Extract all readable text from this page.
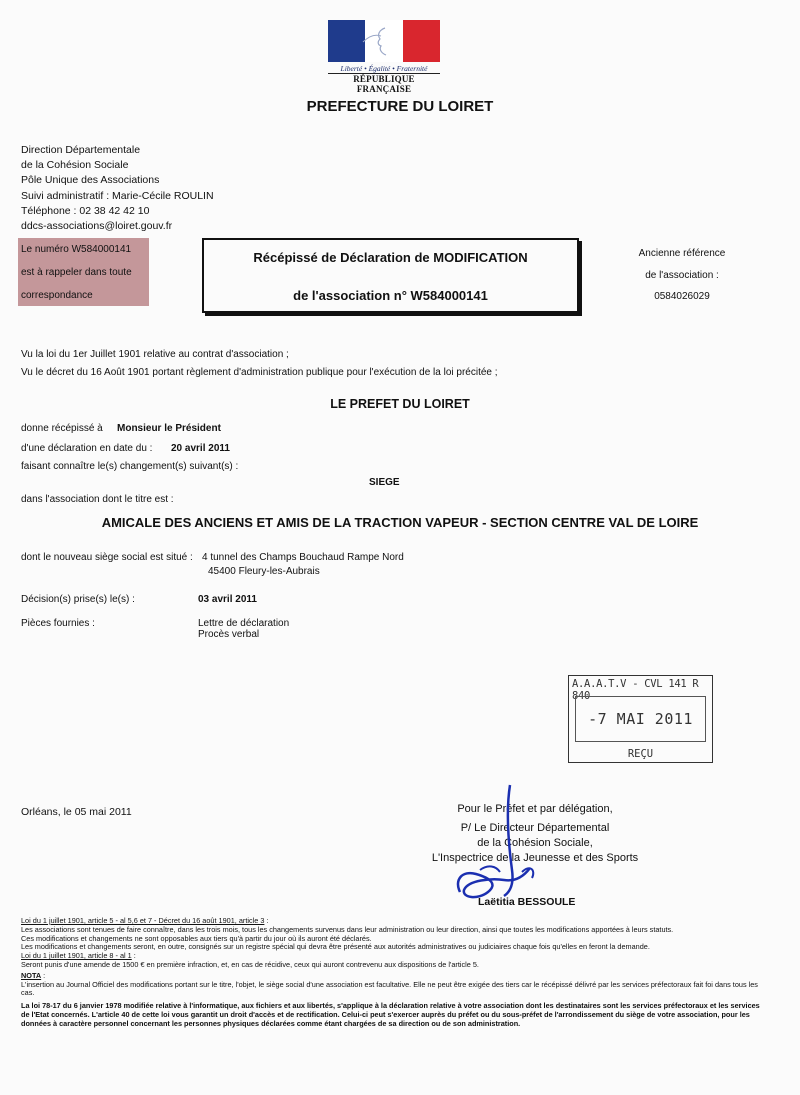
Liberté • Égalité • Fraternité
RÉPUBLIQUE FRANÇAISE
PREFECTURE DU LOIRET
Direction Départementale
de la Cohésion Sociale
Pôle Unique des Associations
Suivi administratif : Marie-Cécile ROULIN
Téléphone : 02 38 42 42 10
ddcs-associations@loiret.gouv.fr
Le numéro W584000141
est à rappeler dans toute
correspondance
Récépissé de Déclaration de MODIFICATION
de l'association n° W584000141
Ancienne référence
de l'association :
0584026029
Vu la loi du 1er Juillet 1901 relative au contrat d'association ;
Vu le décret du 16 Août 1901 portant règlement d'administration publique pour l'exécution de la loi précitée ;
LE PREFET DU LOIRET
donne récépissé à Monsieur le Président
d'une déclaration en date du : 20 avril 2011
faisant connaître le(s) changement(s) suivant(s) :
SIEGE
dans l'association dont le titre est :
AMICALE DES ANCIENS ET AMIS DE LA TRACTION VAPEUR - SECTION CENTRE VAL DE LOIRE
dont le nouveau siège social est situé : 4 tunnel des Champs Bouchaud Rampe Nord
45400 Fleury-les-Aubrais
Décision(s) prise(s) le(s) :	03 avril 2011
Pièces fournies :	Lettre de déclaration
Procès verbal
A.A.A.T.V - CVL 141 R 840
-7 MAI 2011
REÇU
Orléans, le 05 mai 2011	Pour le Préfet et par délégation,
P/ Le Directeur Départemental
de la Cohésion Sociale,
L'Inspectrice de la Jeunesse et des Sports
Laëtitia BESSOULE

Loi du 1 juillet 1901, article 5 - al 5,6 et 7 - Décret du 16 août 1901, article 3 :

Les associations sont tenues de faire connaître, dans les trois mois, tous les changements survenus dans leur administration ou leur direction, ainsi que toutes les modifications apportées à leurs statuts.

Ces modifications et changements ne sont opposables aux tiers qu'à partir du jour où ils auront été déclarés.

Les modifications et changements seront, en outre, consignés sur un registre spécial qui devra être présenté aux autorités administratives ou judiciaires chaque fois qu'elles en feront la demande.

Loi du 1 juillet 1901, article 8 - al 1 :

Seront punis d'une amende de 1500 € en première infraction, et, en cas de récidive, ceux qui auront contrevenu aux dispositions de l'article 5.

NOTA :

L'insertion au Journal Officiel des modifications portant sur le titre, l'objet, le siège social d'une association est facultative. Elle ne peut être exigée des tiers car le récépissé délivré par les services préfectoraux fait foi dans tous les cas.

La loi 78-17 du 6 janvier 1978 modifiée relative à l'informatique, aux fichiers et aux libertés, s'applique à la déclaration relative à votre association dont les destinataires sont les services préfectoraux et les services de l'Etat concernés. L'article 40 de cette loi vous garantit un droit d'accès et de rectification. Celui-ci peut s'exercer auprès du préfet ou du sous-préfet de l'arrondissement du siège de votre association, pour les données à caractère personnel concernant les personnes physiques déclarées comme étant chargées de sa direction ou de son administration.
